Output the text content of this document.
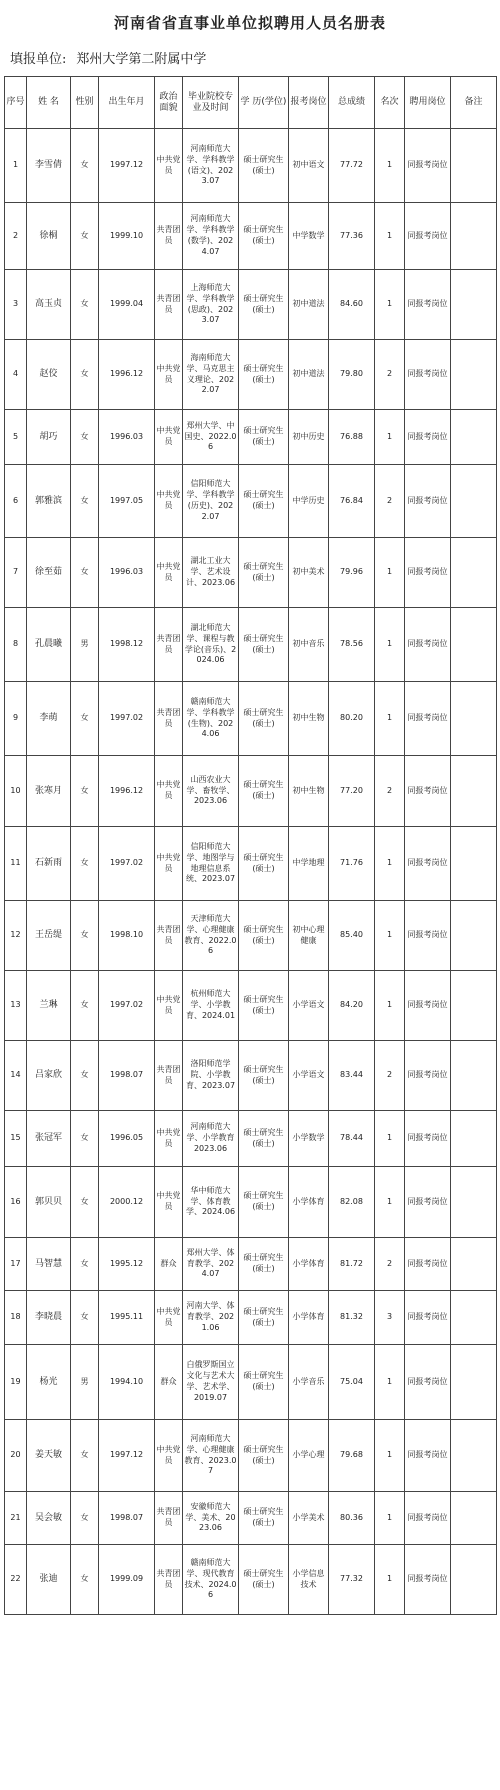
河南省省直事业单位拟聘用人员名册表
填报单位: 郑州大学第二附属中学
序号	姓 名	性别	出生年月	政治面貌	毕业院校专业及时间	学 历(学位)	报考岗位	总成绩	名次	聘用岗位	备注
1	李雪倩	女	1997.12	中共党员	河南师范大学、学科教学(语文)、2023.07	硕士研究生(硕士)	初中语文	77.72	1	同报考岗位	
2	徐桐	女	1999.10	共青团员	河南师范大学、学科教学(数学)、2024.07	硕士研究生(硕士)	中学数学	77.36	1	同报考岗位	
3	高玉贞	女	1999.04	共青团员	上海师范大学、学科教学(思政)、2023.07	硕士研究生(硕士)	初中道法	84.60	1	同报考岗位	
4	赵佼	女	1996.12	中共党员	海南师范大学、马克思主义理论、2022.07	硕士研究生(硕士)	初中道法	79.80	2	同报考岗位	
5	胡巧	女	1996.03	中共党员	郑州大学、中国史、2022.06	硕士研究生(硕士)	初中历史	76.88	1	同报考岗位	
6	郭雅滨	女	1997.05	中共党员	信阳师范大学、学科教学(历史)、2022.07	硕士研究生(硕士)	中学历史	76.84	2	同报考岗位	
7	徐至茹	女	1996.03	中共党员	湖北工业大学、艺术设计、2023.06	硕士研究生(硕士)	初中美术	79.96	1	同报考岗位	
8	孔晨曦	男	1998.12	共青团员	湖北师范大学、课程与教学论(音乐)、2024.06	硕士研究生(硕士)	初中音乐	78.56	1	同报考岗位	
9	李萌	女	1997.02	共青团员	赣南师范大学、学科教学(生物)、2024.06	硕士研究生(硕士)	初中生物	80.20	1	同报考岗位	
10	张寒月	女	1996.12	中共党员	山西农业大学、畜牧学、2023.06	硕士研究生(硕士)	初中生物	77.20	2	同报考岗位	
11	石新雨	女	1997.02	中共党员	信阳师范大学、地图学与地理信息系统、2023.07	硕士研究生(硕士)	中学地理	71.76	1	同报考岗位	
12	王岳缇	女	1998.10	共青团员	天津师范大学、心理健康教育、2022.06	硕士研究生(硕士)	初中心理健康	85.40	1	同报考岗位	
13	兰琳	女	1997.02	中共党员	杭州师范大学、小学教育、2024.01	硕士研究生(硕士)	小学语文	84.20	1	同报考岗位	
14	吕家欣	女	1998.07	共青团员	洛阳师范学院、小学教育、2023.07	硕士研究生(硕士)	小学语文	83.44	2	同报考岗位	
15	张冠军	女	1996.05	中共党员	河南师范大学、小学教育2023.06	硕士研究生(硕士)	小学数学	78.44	1	同报考岗位	
16	郭贝贝	女	2000.12	中共党员	华中师范大学、体育教学、2024.06	硕士研究生(硕士)	小学体育	82.08	1	同报考岗位	
17	马智慧	女	1995.12	群众	郑州大学、体育教学、2024.07	硕士研究生(硕士)	小学体育	81.72	2	同报考岗位	
18	李晓晨	女	1995.11	中共党员	河南大学、体育教学、2021.06	硕士研究生(硕士)	小学体育	81.32	3	同报考岗位	
19	杨光	男	1994.10	群众	白俄罗斯国立文化与艺术大学、艺术学、2019.07	硕士研究生(硕士)	小学音乐	75.04	1	同报考岗位	
20	姜天敏	女	1997.12	中共党员	河南师范大学、心理健康教育、2023.07	硕士研究生(硕士)	小学心理	79.68	1	同报考岗位	
21	吴会敏	女	1998.07	共青团员	安徽师范大学、美术、2023.06	硕士研究生(硕士)	小学美术	80.36	1	同报考岗位	
22	张迪	女	1999.09	共青团员	赣南师范大学、现代教育技术、2024.06	硕士研究生(硕士)	小学信息技术	77.32	1	同报考岗位	
